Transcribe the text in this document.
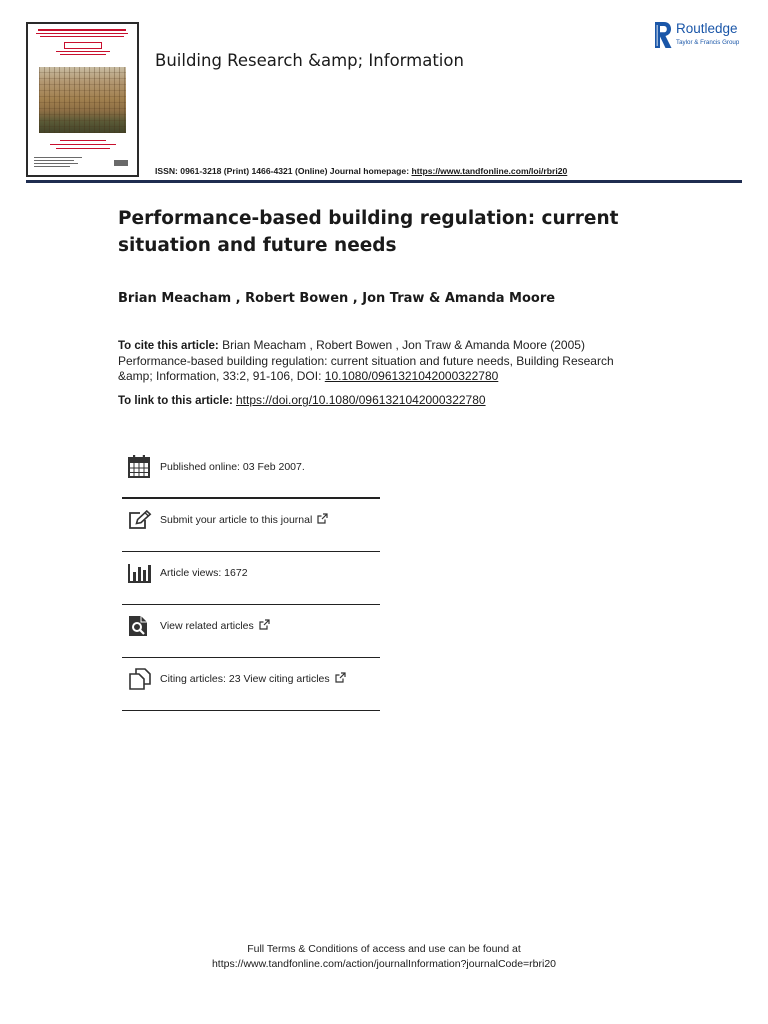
Building Research &amp; Information
Routledge
Taylor & Francis Group
ISSN: 0961-3218 (Print) 1466-4321 (Online) Journal homepage: https://www.tandfonline.com/loi/rbri20
Performance-based building regulation: current situation and future needs
Brian Meacham , Robert Bowen , Jon Traw & Amanda Moore

To cite this article: Brian Meacham , Robert Bowen , Jon Traw & Amanda Moore (2005) Performance-based building regulation: current situation and future needs, Building Research &amp; Information, 33:2, 91-106, DOI: 10.1080/0961321042000322780

To link to this article: https://doi.org/10.1080/0961321042000322780
Published online: 03 Feb 2007.
Submit your article to this journal
Article views: 1672
View related articles
Citing articles: 23 View citing articles
Full Terms & Conditions of access and use can be found at
https://www.tandfonline.com/action/journalInformation?journalCode=rbri20
